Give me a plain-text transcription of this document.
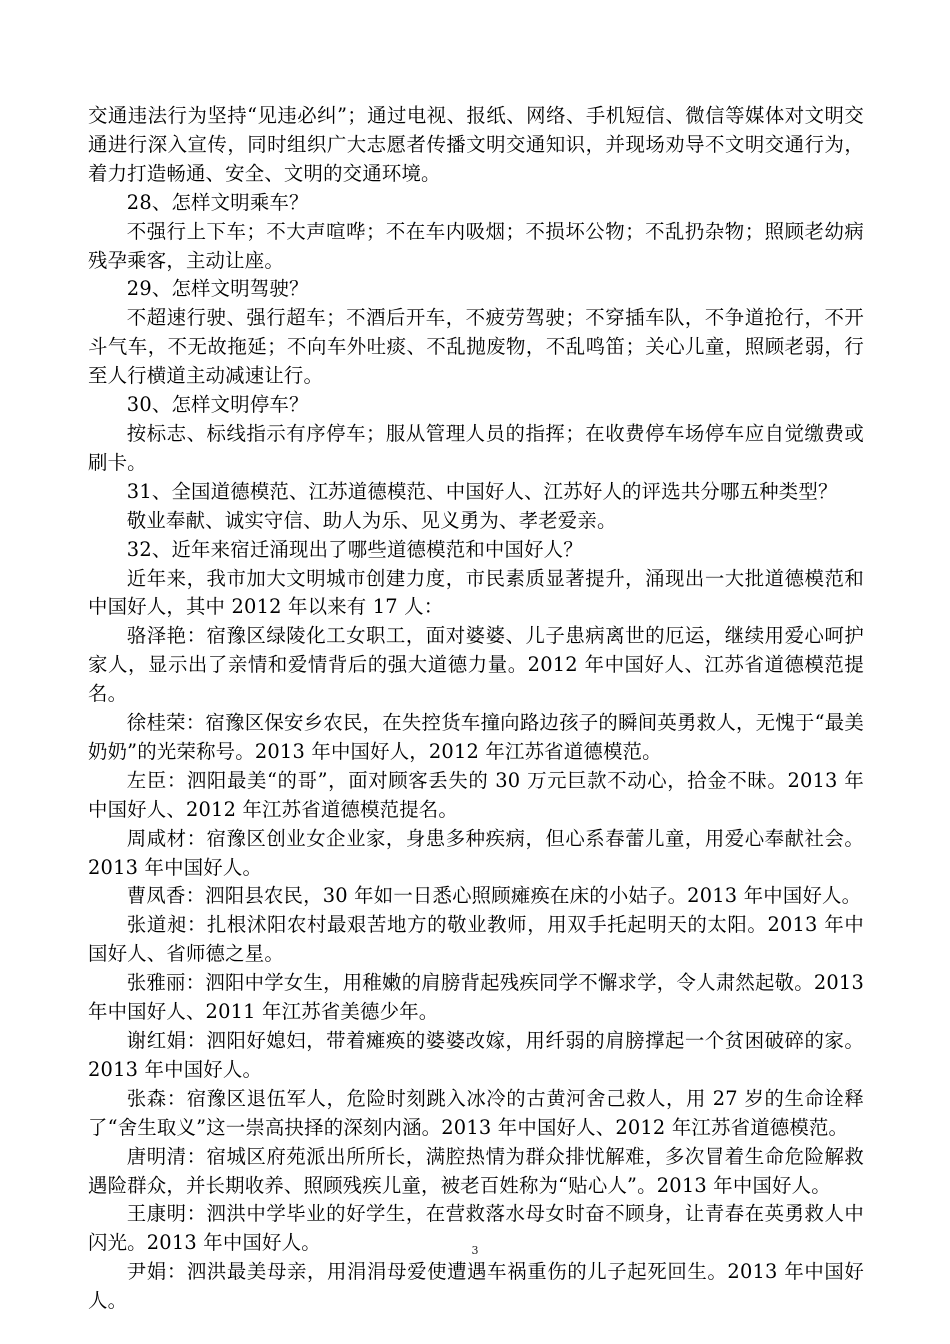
交通违法行为坚持“见违必纠”；通过电视、报纸、网络、手机短信、微信等媒体对文明交通进行深入宣传，同时组织广大志愿者传播文明交通知识，并现场劝导不文明交通行为，着力打造畅通、安全、文明的交通环境。

28、怎样文明乘车？

不强行上下车；不大声喧哗；不在车内吸烟；不损坏公物；不乱扔杂物；照顾老幼病残孕乘客，主动让座。

29、怎样文明驾驶？

不超速行驶、强行超车；不酒后开车，不疲劳驾驶；不穿插车队，不争道抢行，不开斗气车，不无故拖延；不向车外吐痰、不乱抛废物，不乱鸣笛；关心儿童，照顾老弱，行至人行横道主动减速让行。

30、怎样文明停车？

按标志、标线指示有序停车；服从管理人员的指挥；在收费停车场停车应自觉缴费或刷卡。

31、全国道德模范、江苏道德模范、中国好人、江苏好人的评选共分哪五种类型？

敬业奉献、诚实守信、助人为乐、见义勇为、孝老爱亲。

32、近年来宿迁涌现出了哪些道德模范和中国好人？

近年来，我市加大文明城市创建力度，市民素质显著提升，涌现出一大批道德模范和中国好人，其中 2012 年以来有 17 人：

骆泽艳：宿豫区绿陵化工女职工，面对婆婆、儿子患病离世的厄运，继续用爱心呵护家人，显示出了亲情和爱情背后的强大道德力量。2012 年中国好人、江苏省道德模范提名。

徐桂荣：宿豫区保安乡农民，在失控货车撞向路边孩子的瞬间英勇救人，无愧于“最美奶奶”的光荣称号。2013 年中国好人，2012 年江苏省道德模范。

左臣：泗阳最美“的哥”，面对顾客丢失的 30 万元巨款不动心，拾金不昧。2013 年中国好人、2012 年江苏省道德模范提名。

周咸材：宿豫区创业女企业家，身患多种疾病，但心系春蕾儿童，用爱心奉献社会。2013 年中国好人。

曹凤香：泗阳县农民，30 年如一日悉心照顾瘫痪在床的小姑子。2013 年中国好人。

张道昶：扎根沭阳农村最艰苦地方的敬业教师，用双手托起明天的太阳。2013 年中国好人、省师德之星。

张雅丽：泗阳中学女生，用稚嫩的肩膀背起残疾同学不懈求学，令人肃然起敬。2013 年中国好人、2011 年江苏省美德少年。

谢红娟：泗阳好媳妇，带着瘫痪的婆婆改嫁，用纤弱的肩膀撑起一个贫困破碎的家。2013 年中国好人。

张森：宿豫区退伍军人，危险时刻跳入冰冷的古黄河舍己救人，用 27 岁的生命诠释了“舍生取义”这一崇高抉择的深刻内涵。2013 年中国好人、2012 年江苏省道德模范。

唐明清：宿城区府苑派出所所长，满腔热情为群众排忧解难，多次冒着生命危险解救遇险群众，并长期收养、照顾残疾儿童，被老百姓称为“贴心人”。2013 年中国好人。

王康明：泗洪中学毕业的好学生，在营救落水母女时奋不顾身，让青春在英勇救人中闪光。2013 年中国好人。

尹娟：泗洪最美母亲，用涓涓母爱使遭遇车祸重伤的儿子起死回生。2013 年中国好人。

3
